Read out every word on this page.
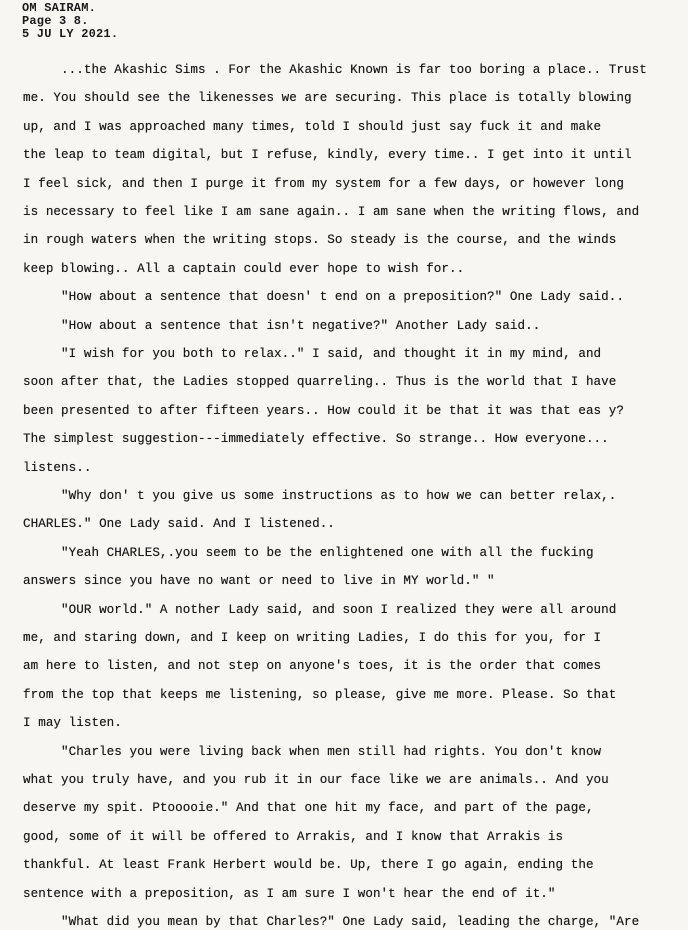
OM SAIRAM.
Page 3 8.
5 JU LY 2021.
...the Akashic Sims . For the Akashic Known is far too boring a place.. Trust
me. You should see the likenesses we are securing. This place is totally blowing
up, and I was approached many times, told I should just say fuck it and make
the leap to team digital, but I refuse, kindly, every time.. I get into it until
I feel sick, and then I purge it from my system for a few days, or however long
is necessary to feel like I am sane again.. I am sane when the writing flows, and
in rough waters when the writing stops. So steady is the course, and the winds
keep blowing.. All a captain could ever hope to wish for..
"How about a sentence that doesn' t end on a preposition?" One Lady said..
"How about a sentence that isn't negative?" Another Lady said..
"I wish for you both to relax.." I said, and thought it in my mind, and
soon after that, the Ladies stopped quarreling.. Thus is the world that I have
been presented to after fifteen years.. How could it be that it was that eas y?
The simplest suggestion---immediately effective. So strange.. How everyone...
listens..
"Why don' t you give us some instructions as to how we can better relax,.
CHARLES." One Lady said. And I listened..
"Yeah CHARLES,.you seem to be the enlightened one with all the fucking
answers since you have no want or need to live in MY world." "
"OUR world." A nother Lady said, and soon I realized they were all around
me, and staring down, and I keep on writing Ladies, I do this for you, for I
am here to listen, and not step on anyone's toes, it is the order that comes
from the top that keeps me listening, so please, give me more. Please. So that
I may listen.
"Charles you were living back when men still had rights. You don't know
what you truly have, and you rub it in our face like we are animals.. And you
deserve my spit. Ptooooie." And that one hit my face, and part of the page,
good, some of it will be offered to Arrakis, and I know that Arrakis is
thankful. At least Frank Herbert would be. Up, there I go again, ending the
sentence with a preposition, as I am sure I won't hear the end of it."
"What did you mean by that Charles?" One Lady said, leading the charge, "Are
